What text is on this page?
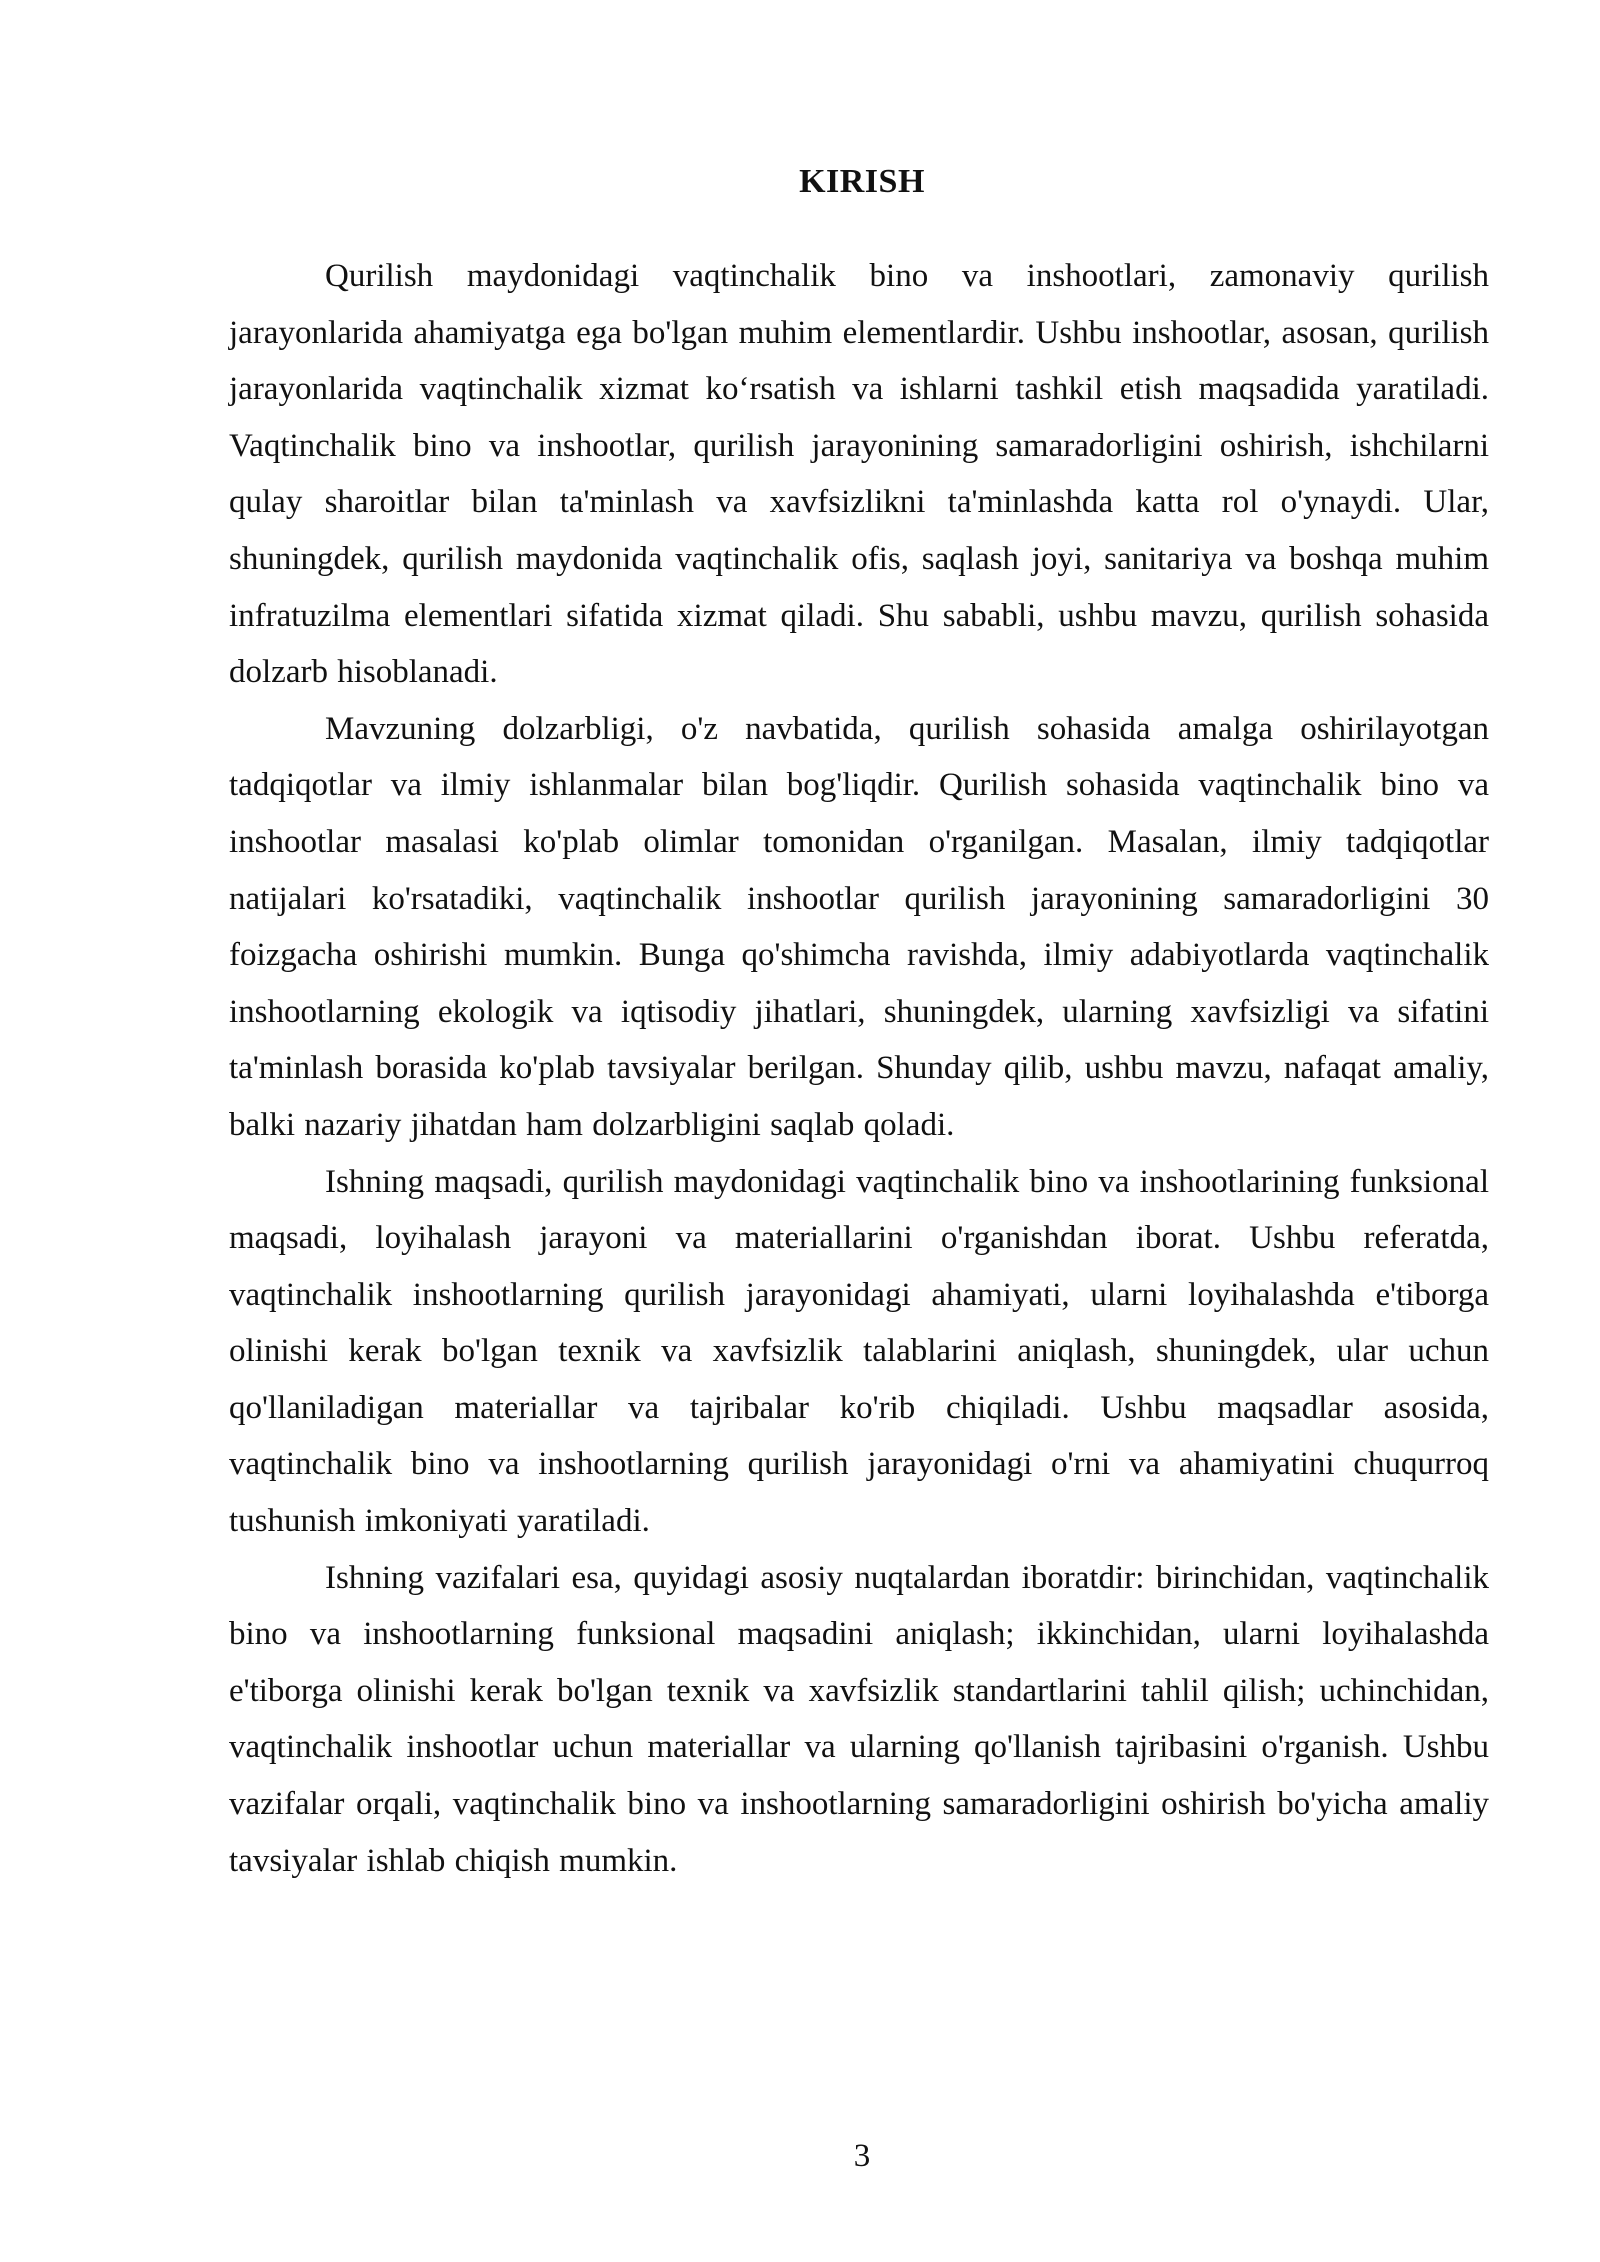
KIRISH

Qurilish maydonidagi vaqtinchalik bino va inshootlari, zamonaviy qurilish jarayonlarida ahamiyatga ega bo'lgan muhim elementlardir. Ushbu inshootlar, asosan, qurilish jarayonlarida vaqtinchalik xizmat ko‘rsatish va ishlarni tashkil etish maqsadida yaratiladi. Vaqtinchalik bino va inshootlar, qurilish jarayonining samaradorligini oshirish, ishchilarni qulay sharoitlar bilan ta'minlash va xavfsizlikni ta'minlashda katta rol o'ynaydi. Ular, shuningdek, qurilish maydonida vaqtinchalik ofis, saqlash joyi, sanitariya va boshqa muhim infratuzilma elementlari sifatida xizmat qiladi. Shu sababli, ushbu mavzu, qurilish sohasida dolzarb hisoblanadi.

Mavzuning dolzarbligi, o'z navbatida, qurilish sohasida amalga oshirilayotgan tadqiqotlar va ilmiy ishlanmalar bilan bog'liqdir. Qurilish sohasida vaqtinchalik bino va inshootlar masalasi ko'plab olimlar tomonidan o'rganilgan. Masalan, ilmiy tadqiqotlar natijalari ko'rsatadiki, vaqtinchalik inshootlar qurilish jarayonining samaradorligini 30 foizgacha oshirishi mumkin. Bunga qo'shimcha ravishda, ilmiy adabiyotlarda vaqtinchalik inshootlarning ekologik va iqtisodiy jihatlari, shuningdek, ularning xavfsizligi va sifatini ta'minlash borasida ko'plab tavsiyalar berilgan. Shunday qilib, ushbu mavzu, nafaqat amaliy, balki nazariy jihatdan ham dolzarbligini saqlab qoladi.

Ishning maqsadi, qurilish maydonidagi vaqtinchalik bino va inshootlarining funksional maqsadi, loyihalash jarayoni va materiallarini o'rganishdan iborat. Ushbu referatda, vaqtinchalik inshootlarning qurilish jarayonidagi ahamiyati, ularni loyihalashda e'tiborga olinishi kerak bo'lgan texnik va xavfsizlik talablarini aniqlash, shuningdek, ular uchun qo'llaniladigan materiallar va tajribalar ko'rib chiqiladi. Ushbu maqsadlar asosida, vaqtinchalik bino va inshootlarning qurilish jarayonidagi o'rni va ahamiyatini chuqurroq tushunish imkoniyati yaratiladi.

Ishning vazifalari esa, quyidagi asosiy nuqtalardan iboratdir: birinchidan, vaqtinchalik bino va inshootlarning funksional maqsadini aniqlash; ikkinchidan, ularni loyihalashda e'tiborga olinishi kerak bo'lgan texnik va xavfsizlik standartlarini tahlil qilish; uchinchidan, vaqtinchalik inshootlar uchun materiallar va ularning qo'llanish tajribasini o'rganish. Ushbu vazifalar orqali, vaqtinchalik bino va inshootlarning samaradorligini oshirish bo'yicha amaliy tavsiyalar ishlab chiqish mumkin.

3
